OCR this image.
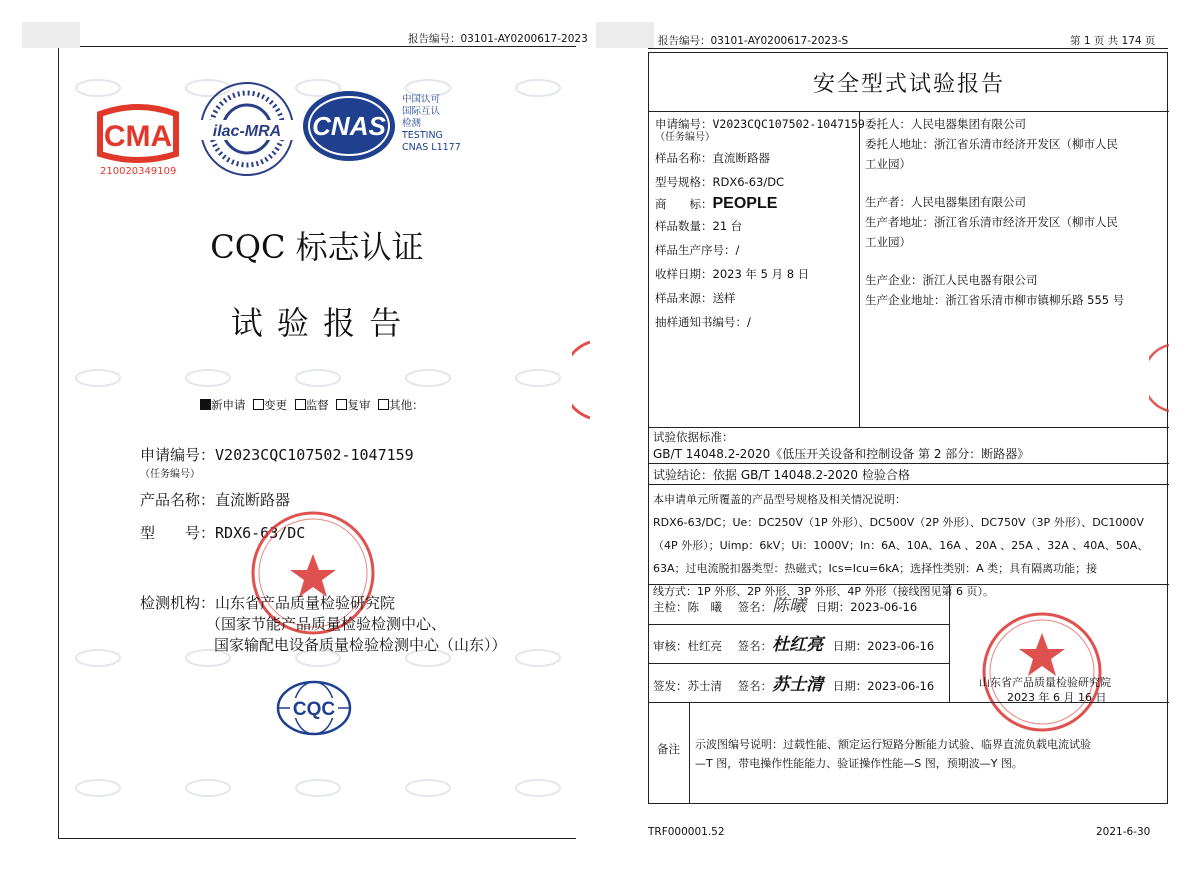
报告编号：03101-AY0200617-2023
CMA
210020349109
ilac-MRA CNAS
中国认可
国际互认
检测
TESTING
CNAS L1177
CQC 标志认证
试 验 报 告
新申请 变更 监督 复审 其他：
申请编号：V2023CQC107502-1047159
（任务编号）
产品名称：直流断路器
型　　号：RDX6-63/DC
检测机构：山东省产品质量检验研究院
（国家节能产品质量检验检测中心、
国家输配电设备质量检验检测中心（山东））
CQC
报告编号：03101-AY0200617-2023-S	第 1 页 共 174 页
安全型式试验报告
申请编号：V2023CQC107502-1047159
（任务编号）
样品名称：直流断路器
型号规格：RDX6-63/DC
商　　标：PEOPLE
样品数量：21 台
样品生产序号：/
收样日期：2023 年 5 月 8 日
样品来源：送样
抽样通知书编号：/
委托人：人民电器集团有限公司
委托人地址：浙江省乐清市经济开发区（柳市人民
工业园）
生产者：人民电器集团有限公司
生产者地址：浙江省乐清市经济开发区（柳市人民
工业园）
生产企业：浙江人民电器有限公司
生产企业地址：浙江省乐清市柳市镇柳乐路 555 号
试验依据标准：
GB/T 14048.2-2020《低压开关设备和控制设备 第 2 部分：断路器》
试验结论：依据 GB/T 14048.2-2020 检验合格
本申请单元所覆盖的产品型号规格及相关情况说明：
RDX6-63/DC；Ue：DC250V（1P 外形）、DC500V（2P 外形）、DC750V（3P 外形）、DC1000V
（4P 外形）；Uimp：6kV；Ui：1000V；In：6A、10A、16A 、20A 、25A 、32A 、40A、50A、
63A；过电流脱扣器类型：热磁式；Ics=Icu=6kA；选择性类别：A 类；具有隔离功能；接
线方式：1P 外形、2P 外形、3P 外形、4P 外形（接线图见第 6 页）。
主检：陈　曦 签名：陈曦 日期：2023-06-16
审核：杜红亮 签名：杜红亮 日期：2023-06-16
签发：苏士清 签名：苏士清 日期：2023-06-16	山东省产品质量检验研究院
2023 年 6 月 16 日
备注 示波图编号说明：过载性能、额定运行短路分断能力试验、临界直流负载电流试验
—T 图，带电操作性能能力、验证操作性能—S 图，预期波—Y 图。
TRF000001.52	2021-6-30
